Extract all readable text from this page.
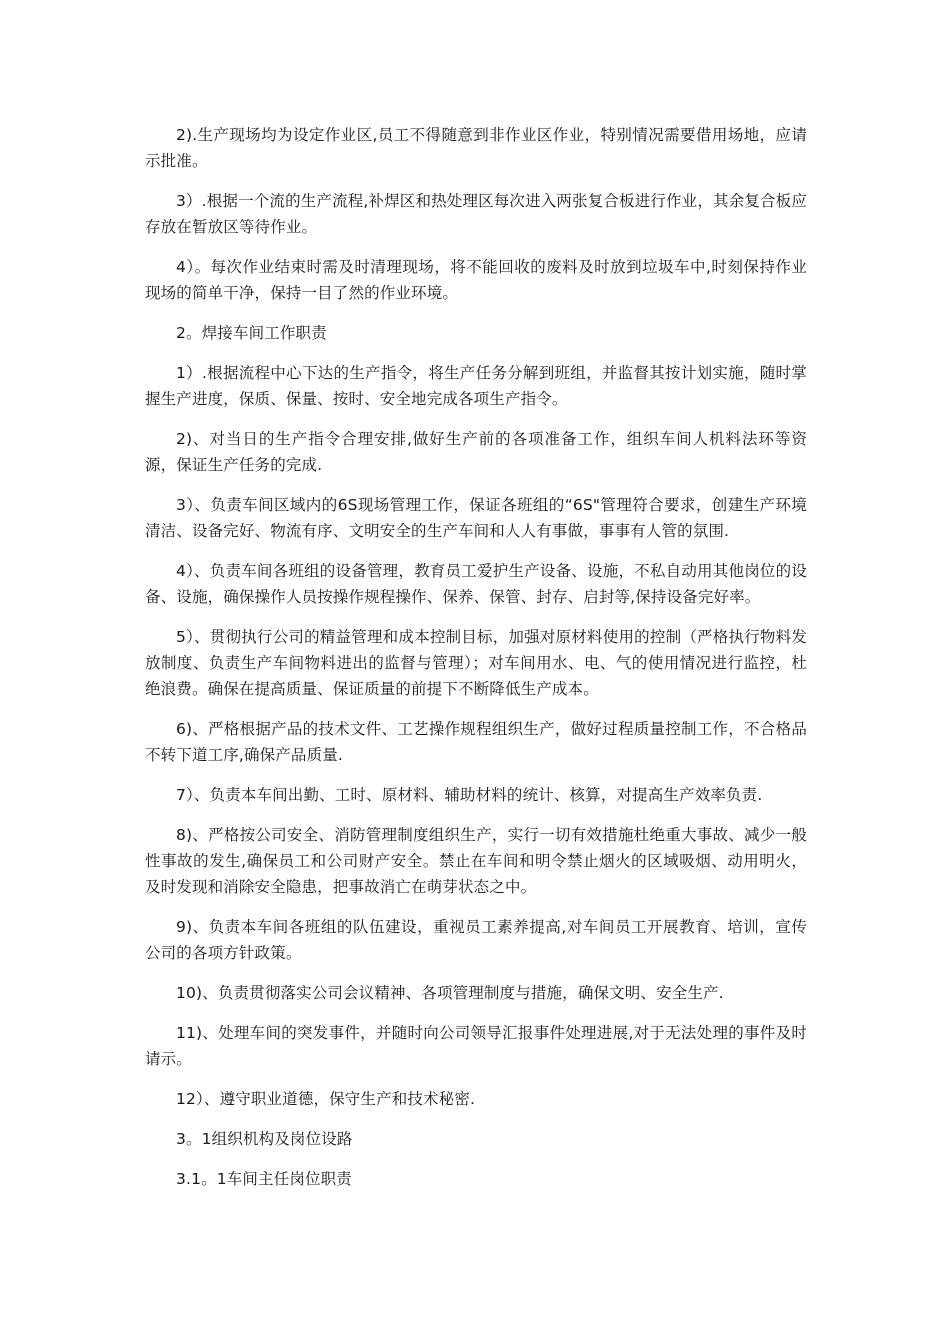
2).生产现场均为设定作业区,员工不得随意到非作业区作业，特别情况需要借用场地，应请示批准。

3）.根据一个流的生产流程,补焊区和热处理区每次进入两张复合板进行作业，其余复合板应存放在暂放区等待作业。

4）。每次作业结束时需及时清理现场，将不能回收的废料及时放到垃圾车中,时刻保持作业现场的简单干净，保持一目了然的作业环境。

2。焊接车间工作职责

1）.根据流程中心下达的生产指令，将生产任务分解到班组，并监督其按计划实施，随时掌握生产进度，保质、保量、按时、安全地完成各项生产指令。

2)、对当日的生产指令合理安排,做好生产前的各项准备工作，组织车间人机料法环等资源，保证生产任务的完成.

3）、负责车间区域内的6S现场管理工作，保证各班组的“6S"管理符合要求，创建生产环境清洁、设备完好、物流有序、文明安全的生产车间和人人有事做，事事有人管的氛围.

4）、负责车间各班组的设备管理，教育员工爱护生产设备、设施，不私自动用其他岗位的设备、设施，确保操作人员按操作规程操作、保养、保管、封存、启封等,保持设备完好率。

5）、贯彻执行公司的精益管理和成本控制目标，加强对原材料使用的控制（严格执行物料发放制度、负责生产车间物料进出的监督与管理）；对车间用水、电、气的使用情况进行监控，杜绝浪费。确保在提高质量、保证质量的前提下不断降低生产成本。

6)、严格根据产品的技术文件、工艺操作规程组织生产，做好过程质量控制工作，不合格品不转下道工序,确保产品质量.

7）、负责本车间出勤、工时、原材料、辅助材料的统计、核算，对提高生产效率负责.

8)、严格按公司安全、消防管理制度组织生产，实行一切有效措施杜绝重大事故、减少一般性事故的发生,确保员工和公司财产安全。禁止在车间和明令禁止烟火的区域吸烟、动用明火，及时发现和消除安全隐患，把事故消亡在萌芽状态之中。

9)、负责本车间各班组的队伍建设，重视员工素养提高,对车间员工开展教育、培训，宣传公司的各项方针政策。

10)、负责贯彻落实公司会议精神、各项管理制度与措施，确保文明、安全生产.

11)、处理车间的突发事件，并随时向公司领导汇报事件处理进展,对于无法处理的事件及时请示。

12）、遵守职业道德，保守生产和技术秘密.

3。1组织机构及岗位设路

3.1。1车间主任岗位职责
